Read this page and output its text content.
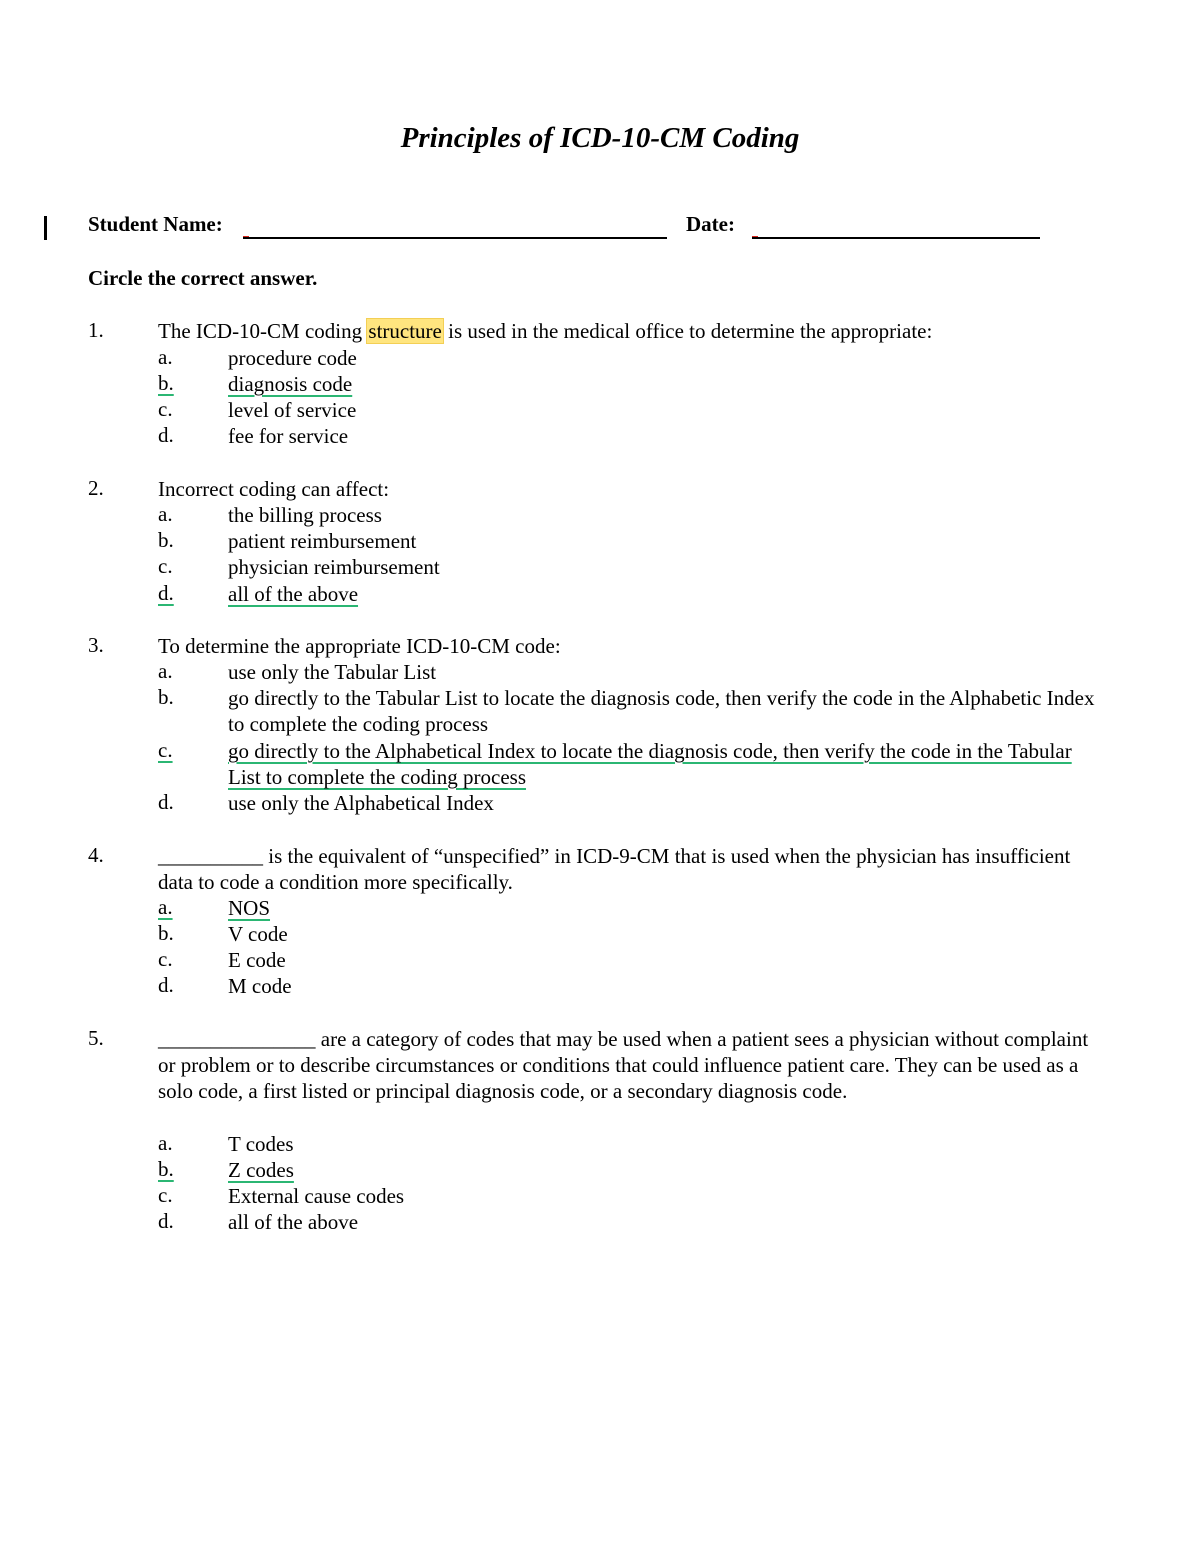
Principles of ICD-10-CM Coding
Student Name:	Date:
Circle the correct answer.
1.	The ICD-10-CM coding structure is used in the medical office to determine the appropriate:
a.	procedure code
b.	diagnosis code
c.	level of service
d.	fee for service
2.	Incorrect coding can affect:
a.	the billing process
b.	patient reimbursement
c.	physician reimbursement
d.	all of the above
3.	To determine the appropriate ICD-10-CM code:
a.	use only the Tabular List
b.	go directly to the Tabular List to locate the diagnosis code, then verify the code in the Alphabetic Index to complete the coding process
c.	go directly to the Alphabetical Index to locate the diagnosis code, then verify the code in the Tabular List to complete the coding process
d.	use only the Alphabetical Index
4.	__________ is the equivalent of “unspecified” in ICD-9-CM that is used when the physician has insufficient data to code a condition more specifically.
a.	NOS
b.	V code
c.	E code
d.	M code
5.	_______________ are a category of codes that may be used when a patient sees a physician without complaint or problem or to describe circumstances or conditions that could influence patient care. They can be used as a solo code, a first listed or principal diagnosis code, or a secondary diagnosis code.
a.	T codes
b.	Z codes
c.	External cause codes
d.	all of the above
